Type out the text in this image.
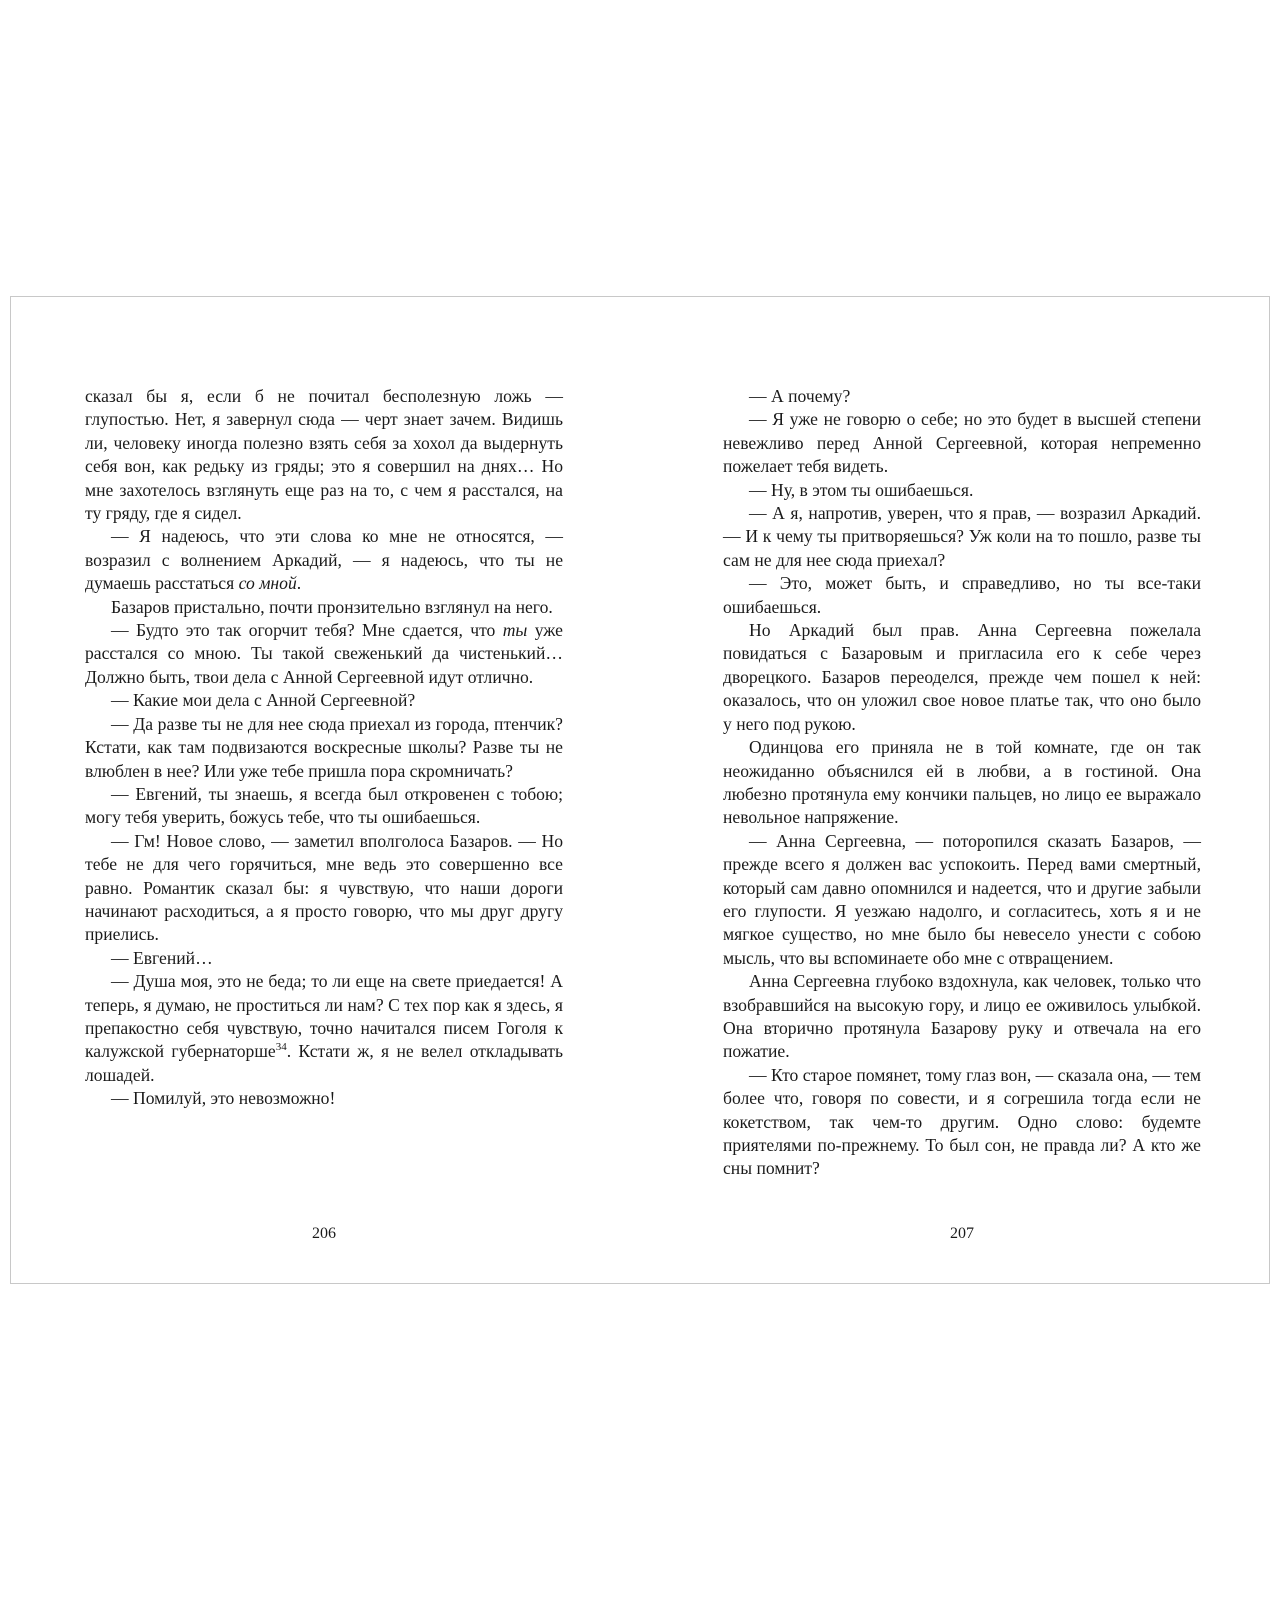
сказал бы я, если б не почитал бесполезную ложь — глупостью. Нет, я завернул сюда — черт знает зачем. Видишь ли, человеку иногда полезно взять себя за хохол да выдернуть себя вон, как редьку из гряды; это я совершил на днях… Но мне захотелось взглянуть еще раз на то, с чем я расстался, на ту гряду, где я сидел.

— Я надеюсь, что эти слова ко мне не относятся, — возразил с волнением Аркадий, — я надеюсь, что ты не думаешь расстаться со мной.

Базаров пристально, почти пронзительно взглянул на него.

— Будто это так огорчит тебя? Мне сдается, что ты уже расстался со мною. Ты такой свеженький да чистенький… Должно быть, твои дела с Анной Сергеевной идут отлично.

— Какие мои дела с Анной Сергеевной?

— Да разве ты не для нее сюда приехал из города, птенчик? Кстати, как там подвизаются воскресные школы? Разве ты не влюблен в нее? Или уже тебе пришла пора скромничать?

— Евгений, ты знаешь, я всегда был откровенен с тобою; могу тебя уверить, божусь тебе, что ты ошибаешься.

— Гм! Новое слово, — заметил вполголоса Базаров. — Но тебе не для чего горячиться, мне ведь это совершенно все равно. Романтик сказал бы: я чувствую, что наши дороги начинают расходиться, а я просто говорю, что мы друг другу приелись.

— Евгений…

— Душа моя, это не беда; то ли еще на свете приедается! А теперь, я думаю, не проститься ли нам? С тех пор как я здесь, я препакостно себя чувствую, точно начитался писем Гоголя к калужской губернаторше$^{34}$. Кстати ж, я не велел откладывать лошадей.

— Помилуй, это невозможно!

206

— А почему?

— Я уже не говорю о себе; но это будет в высшей степени невежливо перед Анной Сергеевной, которая непременно пожелает тебя видеть.

— Ну, в этом ты ошибаешься.

— А я, напротив, уверен, что я прав, — возразил Аркадий. — И к чему ты притворяешься? Уж коли на то пошло, разве ты сам не для нее сюда приехал?

— Это, может быть, и справедливо, но ты все-таки ошибаешься.

Но Аркадий был прав. Анна Сергеевна пожелала повидаться с Базаровым и пригласила его к себе через дворецкого. Базаров переоделся, прежде чем пошел к ней: оказалось, что он уложил свое новое платье так, что оно было у него под рукою.

Одинцова его приняла не в той комнате, где он так неожиданно объяснился ей в любви, а в гостиной. Она любезно протянула ему кончики пальцев, но лицо ее выражало невольное напряжение.

— Анна Сергеевна, — поторопился сказать Базаров, — прежде всего я должен вас успокоить. Перед вами смертный, который сам давно опомнился и надеется, что и другие забыли его глупости. Я уезжаю надолго, и согласитесь, хоть я и не мягкое существо, но мне было бы невесело унести с собою мысль, что вы вспоминаете обо мне с отвращением.

Анна Сергеевна глубоко вздохнула, как человек, только что взобравшийся на высокую гору, и лицо ее оживилось улыбкой. Она вторично протянула Базарову руку и отвечала на его пожатие.

— Кто старое помянет, тому глаз вон, — сказала она, — тем более что, говоря по совести, и я согрешила тогда если не кокетством, так чем-то другим. Одно слово: будемте приятелями по-прежнему. То был сон, не правда ли? А кто же сны помнит?

207
